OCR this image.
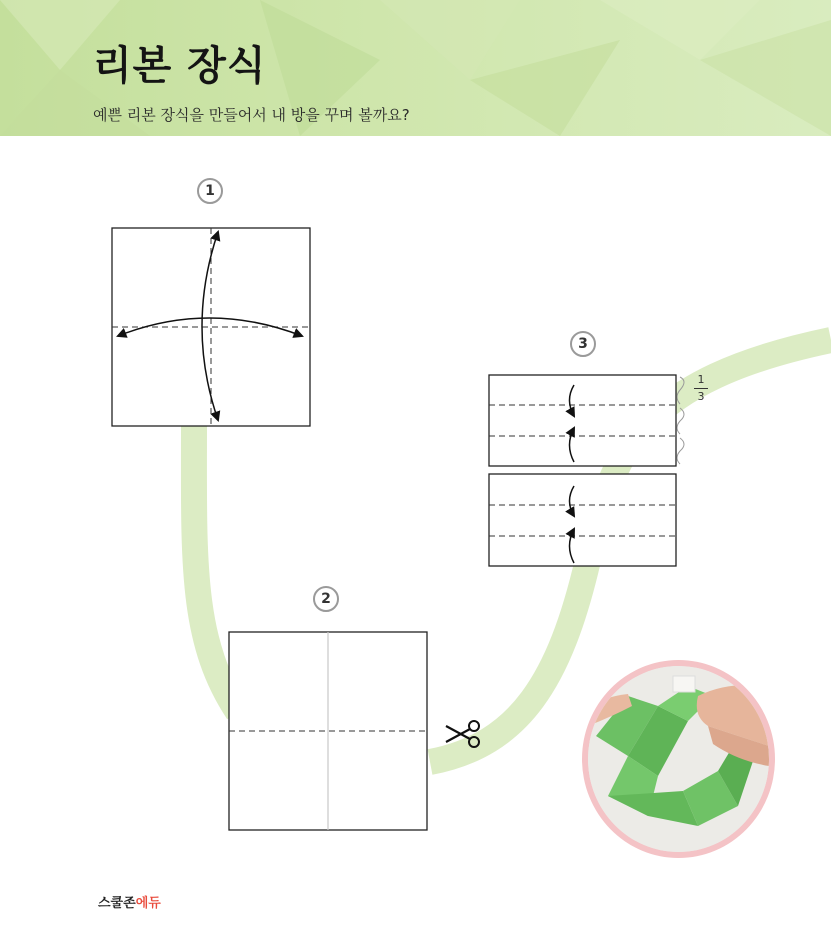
리본 장식
예쁜 리본 장식을 만들어서 내 방을 꾸며 볼까요?
1
2
3
1
3
스쿨존에듀
